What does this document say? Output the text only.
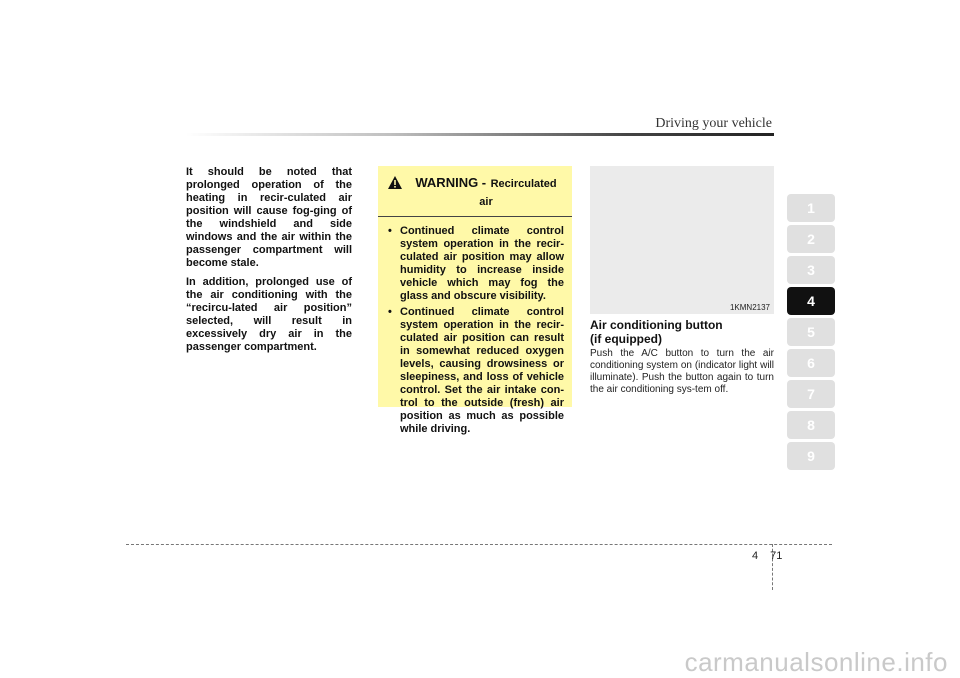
Driving your vehicle

It should be noted that prolonged operation of the heating in recir-culated air position will cause fog-ging of the windshield and side windows and the air within the passenger compartment will become stale.

In addition, prolonged use of the air conditioning with the “recircu-lated air position” selected, will result in excessively dry air in the passenger compartment.

WARNING - Recirculated
air
• Continued climate control system operation in the recir-culated air position may allow humidity to increase inside vehicle which may fog the glass and obscure visibility.
• Continued climate control system operation in the recir-culated air position can result in somewhat reduced oxygen levels, causing drowsiness or sleepiness, and loss of vehicle control. Set the air intake con-trol to the outside (fresh) air position as much as possible while driving.
1KMN2137
Air conditioning button
(if equipped)
Push the A/C button to turn the air conditioning system on (indicator light will illuminate). Push the button again to turn the air conditioning sys-tem off.
1
2
3
4
5
6
7
8
9
4 71
carmanualsonline.info
